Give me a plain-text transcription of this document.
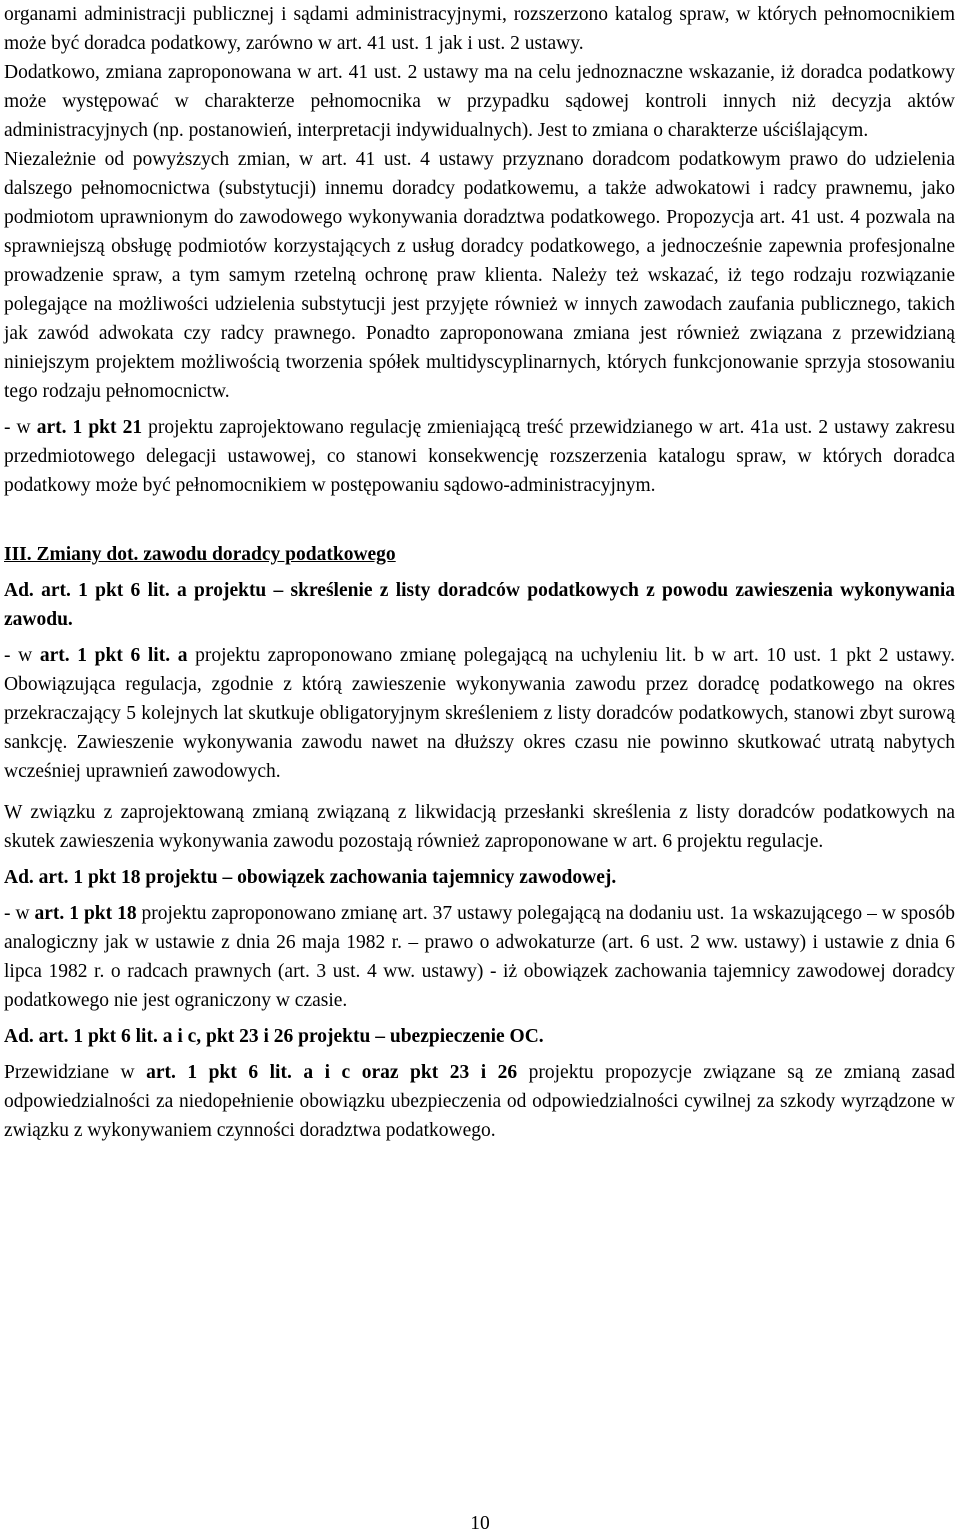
organami administracji publicznej i sądami administracyjnymi, rozszerzono katalog spraw, w których pełnomocnikiem może być doradca podatkowy, zarówno w art. 41 ust. 1 jak i ust. 2 ustawy.

Dodatkowo, zmiana zaproponowana w art. 41 ust. 2 ustawy ma na celu jednoznaczne wskazanie, iż doradca podatkowy może występować w charakterze pełnomocnika w przypadku sądowej kontroli innych niż decyzja aktów administracyjnych (np. postanowień, interpretacji indywidualnych). Jest to zmiana o charakterze uściślającym.

Niezależnie od powyższych zmian, w art. 41 ust. 4 ustawy przyznano doradcom podatkowym prawo do udzielenia dalszego pełnomocnictwa (substytucji) innemu doradcy podatkowemu, a także adwokatowi i radcy prawnemu, jako podmiotom uprawnionym do zawodowego wykonywania doradztwa podatkowego. Propozycja art. 41 ust. 4 pozwala na sprawniejszą obsługę podmiotów korzystających z usług doradcy podatkowego, a jednocześnie zapewnia profesjonalne prowadzenie spraw, a tym samym rzetelną ochronę praw klienta. Należy też wskazać, iż tego rodzaju rozwiązanie polegające na możliwości udzielenia substytucji jest przyjęte również w innych zawodach zaufania publicznego, takich jak zawód adwokata czy radcy prawnego. Ponadto zaproponowana zmiana jest również związana z przewidzianą niniejszym projektem możliwością tworzenia spółek multidyscyplinarnych, których funkcjonowanie sprzyja stosowaniu tego rodzaju pełnomocnictw.

- w art. 1 pkt 21 projektu zaprojektowano regulację zmieniającą treść przewidzianego w art. 41a ust. 2 ustawy zakresu przedmiotowego delegacji ustawowej, co stanowi konsekwencję rozszerzenia katalogu spraw, w których doradca podatkowy może być pełnomocnikiem w postępowaniu sądowo-administracyjnym.

III. Zmiany dot. zawodu doradcy podatkowego

Ad. art. 1 pkt 6 lit. a projektu – skreślenie z listy doradców podatkowych z powodu zawieszenia wykonywania zawodu.

- w art. 1 pkt 6 lit. a projektu zaproponowano zmianę polegającą na uchyleniu lit. b w art. 10 ust. 1 pkt 2 ustawy. Obowiązująca regulacja, zgodnie z którą zawieszenie wykonywania zawodu przez doradcę podatkowego na okres przekraczający 5 kolejnych lat skutkuje obligatoryjnym skreśleniem z listy doradców podatkowych, stanowi zbyt surową sankcję. Zawieszenie wykonywania zawodu nawet na dłuższy okres czasu nie powinno skutkować utratą nabytych wcześniej uprawnień zawodowych.

W związku z zaprojektowaną zmianą związaną z likwidacją przesłanki skreślenia z listy doradców podatkowych na skutek zawieszenia wykonywania zawodu pozostają również zaproponowane w art. 6 projektu regulacje.

Ad. art. 1 pkt 18 projektu – obowiązek zachowania tajemnicy zawodowej.

- w art. 1 pkt 18 projektu zaproponowano zmianę art. 37 ustawy polegającą na dodaniu ust. 1a wskazującego – w sposób analogiczny jak w ustawie z dnia 26 maja 1982 r. – prawo o adwokaturze (art. 6 ust. 2 ww. ustawy) i ustawie z dnia 6 lipca 1982 r. o radcach prawnych (art. 3 ust. 4 ww. ustawy) - iż obowiązek zachowania tajemnicy zawodowej doradcy podatkowego nie jest ograniczony w czasie.

Ad. art. 1 pkt 6 lit. a i c, pkt 23 i 26 projektu – ubezpieczenie OC.

Przewidziane w art. 1 pkt 6 lit. a i c oraz pkt 23 i 26 projektu propozycje związane są ze zmianą zasad odpowiedzialności za niedopełnienie obowiązku ubezpieczenia od odpowiedzialności cywilnej za szkody wyrządzone w związku z wykonywaniem czynności doradztwa podatkowego.

10
